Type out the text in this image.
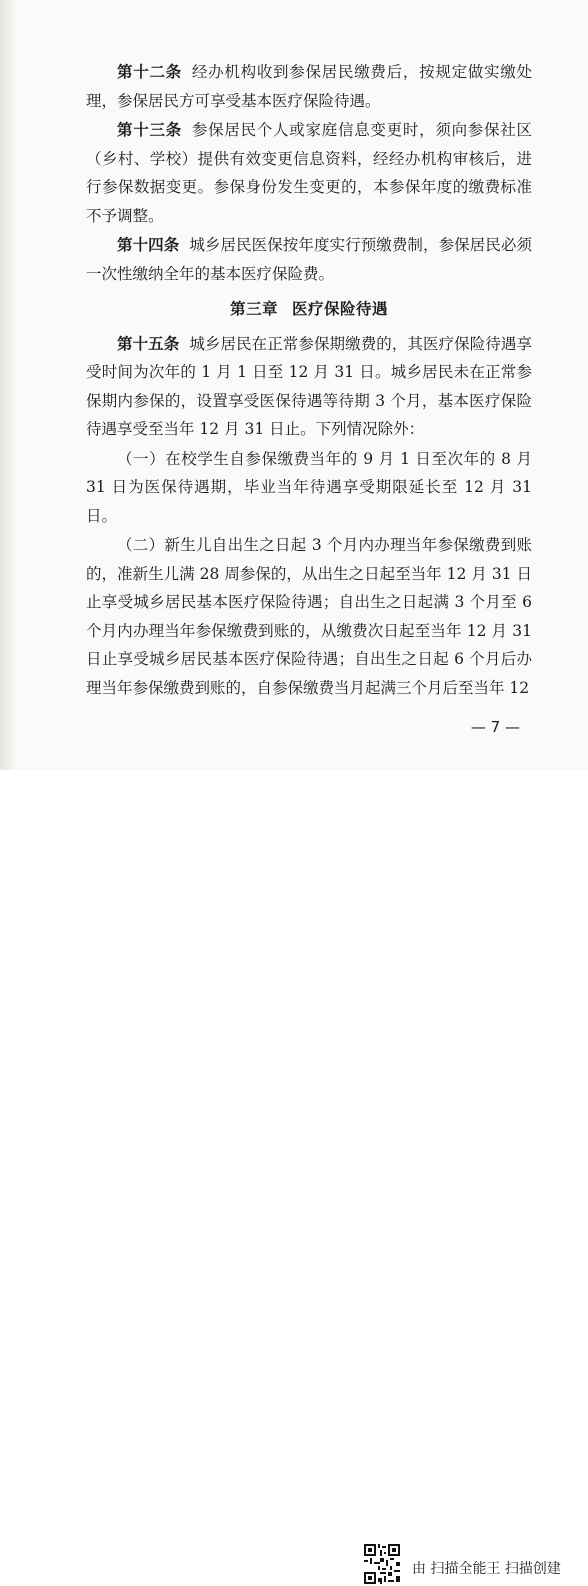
第十二条 经办机构收到参保居民缴费后，按规定做实缴处理，参保居民方可享受基本医疗保险待遇。

第十三条 参保居民个人或家庭信息变更时，须向参保社区（乡村、学校）提供有效变更信息资料，经经办机构审核后，进行参保数据变更。参保身份发生变更的，本参保年度的缴费标准不予调整。

第十四条 城乡居民医保按年度实行预缴费制，参保居民必须一次性缴纳全年的基本医疗保险费。

第三章 医疗保险待遇

第十五条 城乡居民在正常参保期缴费的，其医疗保险待遇享受时间为次年的 1 月 1 日至 12 月 31 日。城乡居民未在正常参保期内参保的，设置享受医保待遇等待期 3 个月，基本医疗保险待遇享受至当年 12 月 31 日止。下列情况除外：

（一）在校学生自参保缴费当年的 9 月 1 日至次年的 8 月 31 日为医保待遇期，毕业当年待遇享受期限延长至 12 月 31 日。

（二）新生儿自出生之日起 3 个月内办理当年参保缴费到账的，准新生儿满 28 周参保的，从出生之日起至当年 12 月 31 日止享受城乡居民基本医疗保险待遇；自出生之日起满 3 个月至 6 个月内办理当年参保缴费到账的，从缴费次日起至当年 12 月 31 日止享受城乡居民基本医疗保险待遇；自出生之日起 6 个月后办理当年参保缴费到账的，自参保缴费当月起满三个月后至当年 12

— 7 —
由 扫描全能王 扫描创建
